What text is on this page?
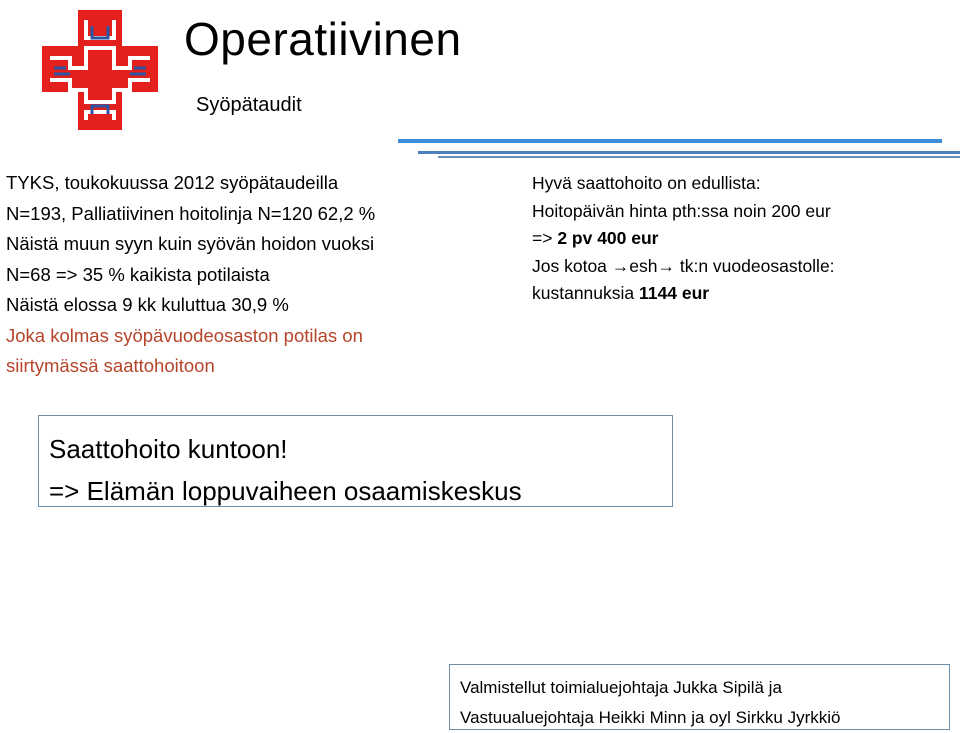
Operatiivinen
Syöpätaudit
TYKS, toukokuussa 2012 syöpätaudeilla
N=193, Palliatiivinen hoitolinja N=120 62,2 %
Näistä muun syyn kuin syövän hoidon vuoksi
N=68 => 35 % kaikista potilaista
Näistä elossa 9 kk kuluttua 30,9 %
Joka kolmas syöpävuodeosaston potilas on
siirtymässä saattohoitoon
Hyvä saattohoito on edullista:
Hoitopäivän hinta pth:ssa noin 200 eur
=> 2 pv 400 eur
Jos kotoa →esh→ tk:n vuodeosastolle:
kustannuksia 1144 eur
Saattohoito kuntoon!
=> Elämän loppuvaiheen osaamiskeskus
Valmistellut toimialuejohtaja Jukka Sipilä ja
Vastuualuejohtaja Heikki Minn ja oyl Sirkku Jyrkkiö
